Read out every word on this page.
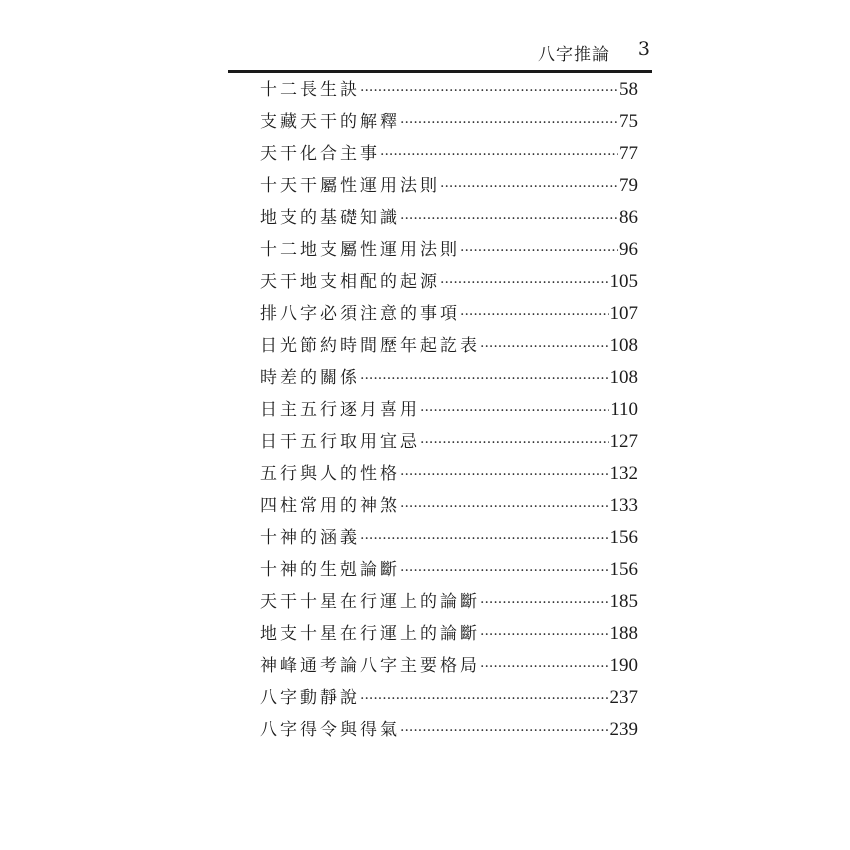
八字推論 3
十二長生訣 ·····	58
支藏天干的解釋 ·····	75
天干化合主事 ·····	77
十天干屬性運用法則 ·····	79
地支的基礎知識 ·····	86
十二地支屬性運用法則 ·····	96
天干地支相配的起源 ·····	105
排八字必須注意的事項 ·····	107
日光節約時間歷年起訖表 ·····	108
時差的關係 ·····	108
日主五行逐月喜用 ·····	110
日干五行取用宜忌 ·····	127
五行與人的性格 ·····	132
四柱常用的神煞 ·····	133
十神的涵義 ·····	156
十神的生剋論斷 ·····	156
天干十星在行運上的論斷 ·····	185
地支十星在行運上的論斷 ·····	188
神峰通考論八字主要格局 ·····	190
八字動靜說 ·····	237
八字得令與得氣 ·····	239
